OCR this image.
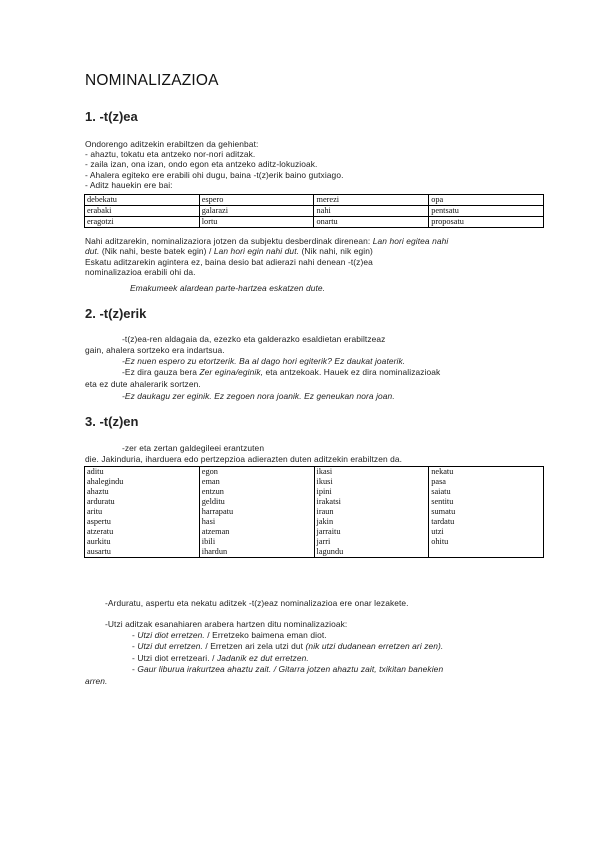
NOMINALIZAZIOA
1. -t(z)ea
Ondorengo aditzekin erabiltzen da gehienbat:
- ahaztu, tokatu eta antzeko nor-nori aditzak.
- zaila izan, ona izan, ondo egon eta antzeko aditz-lokuzioak.
- Ahalera egiteko ere erabili ohi dugu, baina -t(z)erik baino gutxiago.
- Aditz hauekin ere bai:
debekatu	espero	merezi	opa
erabaki	galarazi	nahi	pentsatu
eragotzi	lortu	onartu	proposatu
Nahi aditzarekin, nominalizaziora jotzen da subjektu desberdinak direnean: Lan hori egitea nahi
dut. (Nik nahi, beste batek egin) / Lan hori egin nahi dut. (Nik nahi, nik egin)
Eskatu aditzarekin agintera ez, baina desio bat adierazi nahi denean -t(z)ea
nominalizazioa erabili ohi da.
Emakumeek alardean parte-hartzea eskatzen dute.
2. -t(z)erik
-t(z)ea-ren aldagaia da, ezezko eta galderazko esaldietan erabiltzeaz
gain, ahalera sortzeko era indartsua.
-Ez nuen espero zu etortzerik. Ba al dago hori egiterik? Ez daukat joaterik.
-Ez dira gauza bera Zer egina/eginik, eta antzekoak. Hauek ez dira nominalizazioak
eta ez dute ahalerarik sortzen.
-Ez daukagu zer eginik. Ez zegoen nora joanik. Ez geneukan nora joan.
3. -t(z)en
-zer eta zertan galdegileei erantzuten
die. Jakinduria, iharduera edo pertzepzioa adierazten duten aditzekin erabiltzen da.
aditu	egon	ikasi	nekatu
ahalegindu	eman	ikusi	pasa
ahaztu	entzun	ipini	saiatu
arduratu	gelditu	irakatsi	sentitu
aritu	harrapatu	iraun	sumatu
aspertu	hasi	jakin	tardatu
atzeratu	atzeman	jarraitu	utzi
aurkitu	ibili	jarri	ohitu
ausartu	ihardun	lagundu	
-Arduratu, aspertu eta nekatu aditzek -t(z)eaz nominalizazioa ere onar lezakete.
-Utzi aditzak esanahiaren arabera hartzen ditu nominalizazioak:
- Utzi diot erretzen. / Erretzeko baimena eman diot.
- Utzi dut erretzen. / Erretzen ari zela utzi dut (nik utzi dudanean erretzen ari zen).
- Utzi diot erretzeari. / Jadanik ez dut erretzen.
- Gaur liburua irakurtzea ahaztu zait. / Gitarra jotzen ahaztu zait, txikitan banekien
arren.
